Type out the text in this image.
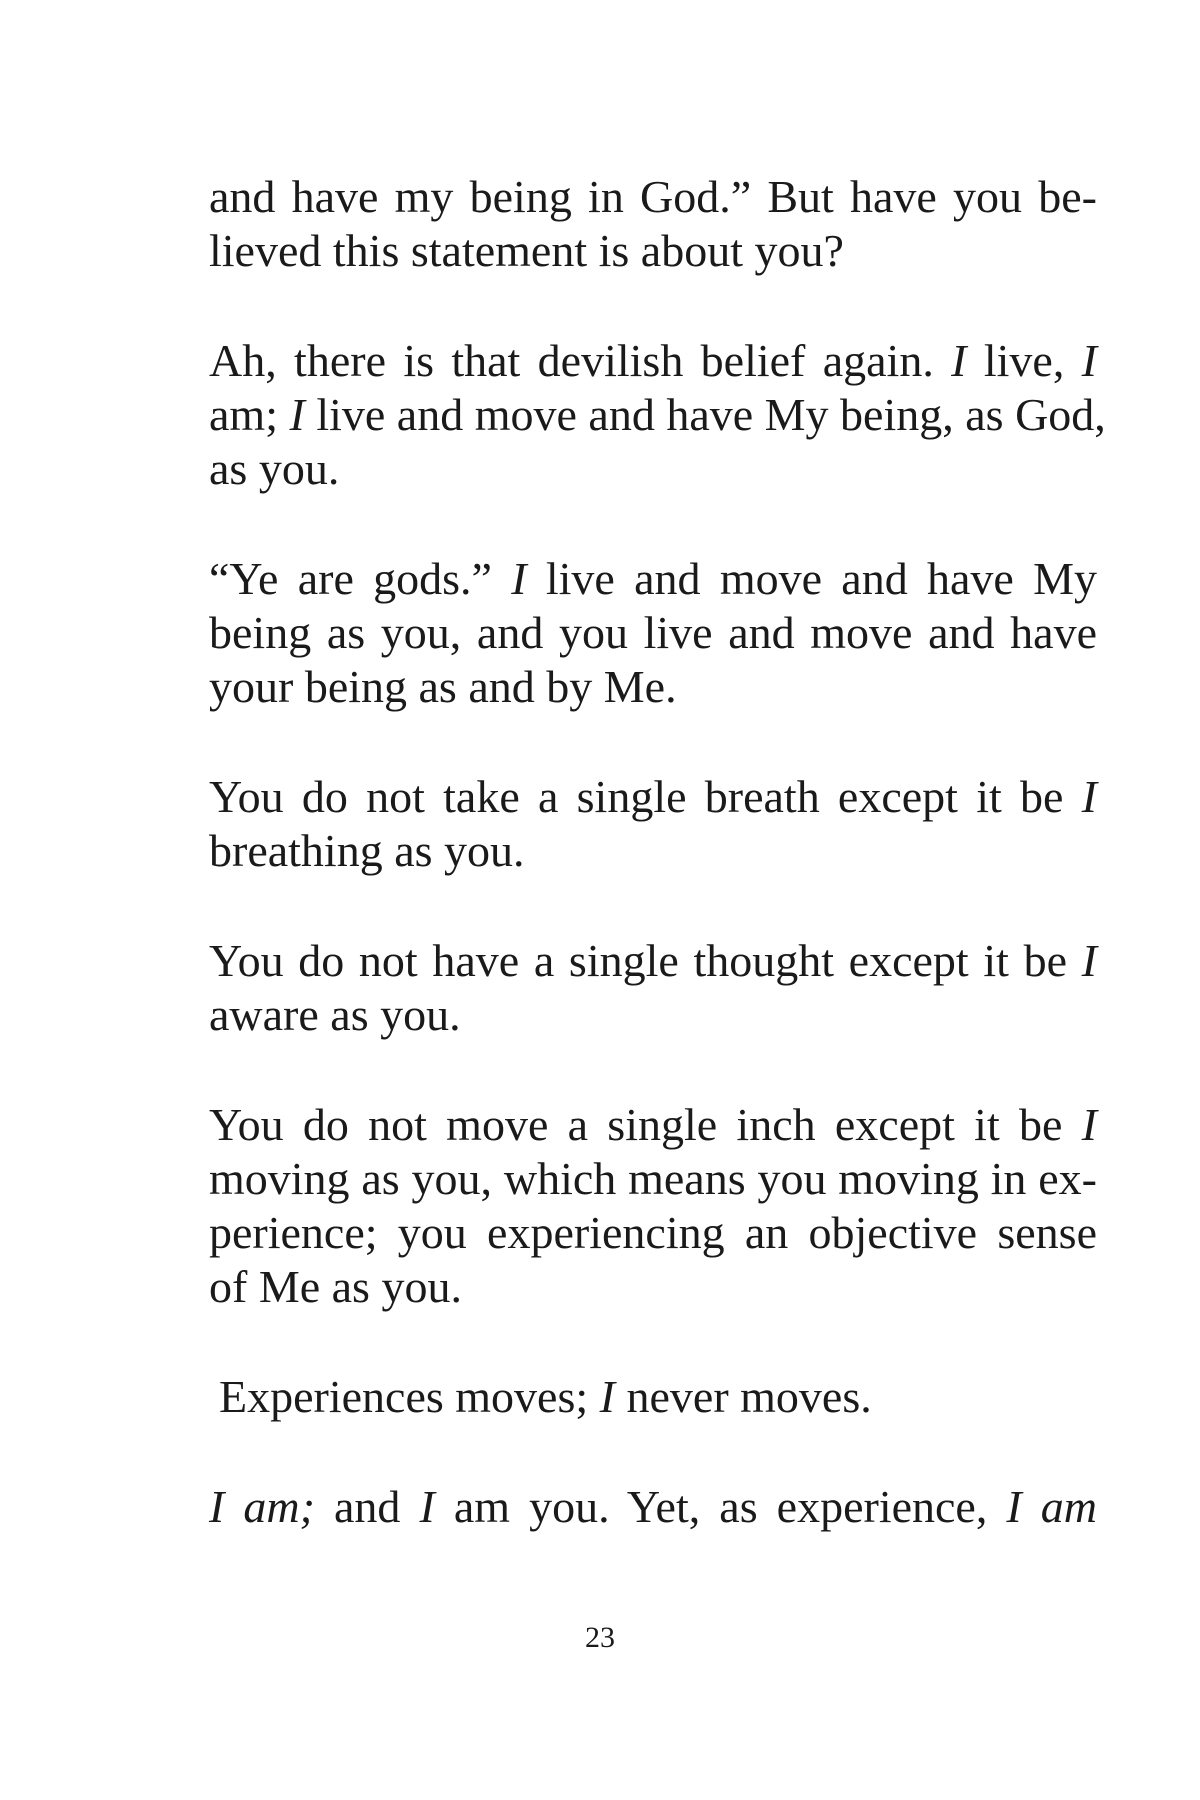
and have my being in God.” But have you be-
lieved this statement is about you?

Ah, there is that devilish belief again. I live, I
am; I live and move and have My being, as God,
as you.

“Ye are gods.” I live and move and have My
being as you, and you live and move and have
your being as and by Me.

You do not take a single breath except it be I
breathing as you.

You do not have a single thought except it be I
aware as you.

You do not move a single inch except it be I
moving as you, which means you moving in ex-
perience; you experiencing an objective sense
of Me as you.

Experiences moves; I never moves.

I am; and I am you. Yet, as experience, I am

23
